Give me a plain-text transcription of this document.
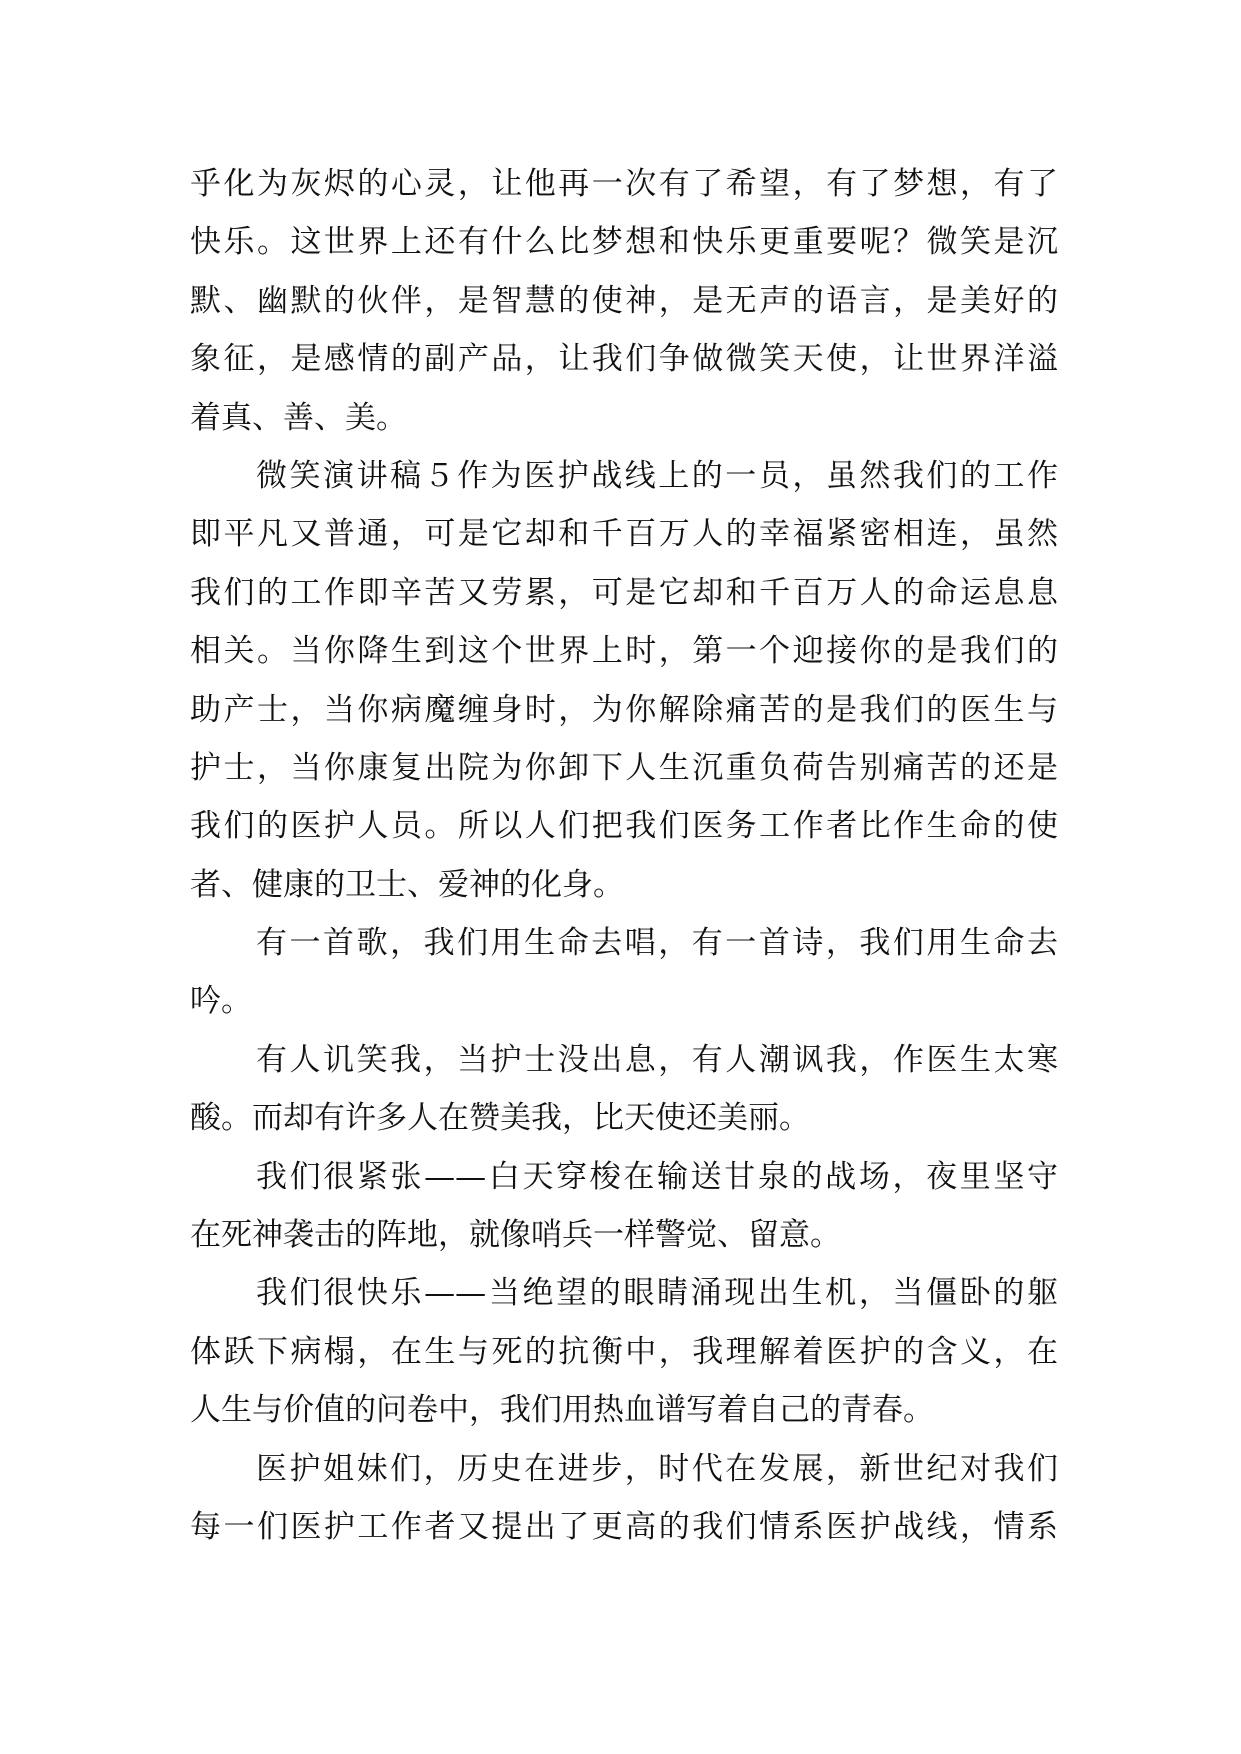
乎化为灰烬的心灵，让他再一次有了希望，有了梦想，有了
快乐。这世界上还有什么比梦想和快乐更重要呢？微笑是沉
默、幽默的伙伴，是智慧的使神，是无声的语言，是美好的
象征，是感情的副产品，让我们争做微笑天使，让世界洋溢
着真、善、美。
微笑演讲稿５作为医护战线上的一员，虽然我们的工作
即平凡又普通，可是它却和千百万人的幸福紧密相连，虽然
我们的工作即辛苦又劳累，可是它却和千百万人的命运息息
相关。当你降生到这个世界上时，第一个迎接你的是我们的
助产士，当你病魔缠身时，为你解除痛苦的是我们的医生与
护士，当你康复出院为你卸下人生沉重负荷告别痛苦的还是
我们的医护人员。所以人们把我们医务工作者比作生命的使
者、健康的卫士、爱神的化身。
有一首歌，我们用生命去唱，有一首诗，我们用生命去
吟。
有人讥笑我，当护士没出息，有人潮讽我，作医生太寒
酸。而却有许多人在赞美我，比天使还美丽。
我们很紧张——白天穿梭在输送甘泉的战场，夜里坚守
在死神袭击的阵地，就像哨兵一样警觉、留意。
我们很快乐——当绝望的眼睛涌现出生机，当僵卧的躯
体跃下病榻，在生与死的抗衡中，我理解着医护的含义，在
人生与价值的问卷中，我们用热血谱写着自己的青春。
医护姐妹们，历史在进步，时代在发展，新世纪对我们
每一们医护工作者又提出了更高的我们情系医护战线，情系
